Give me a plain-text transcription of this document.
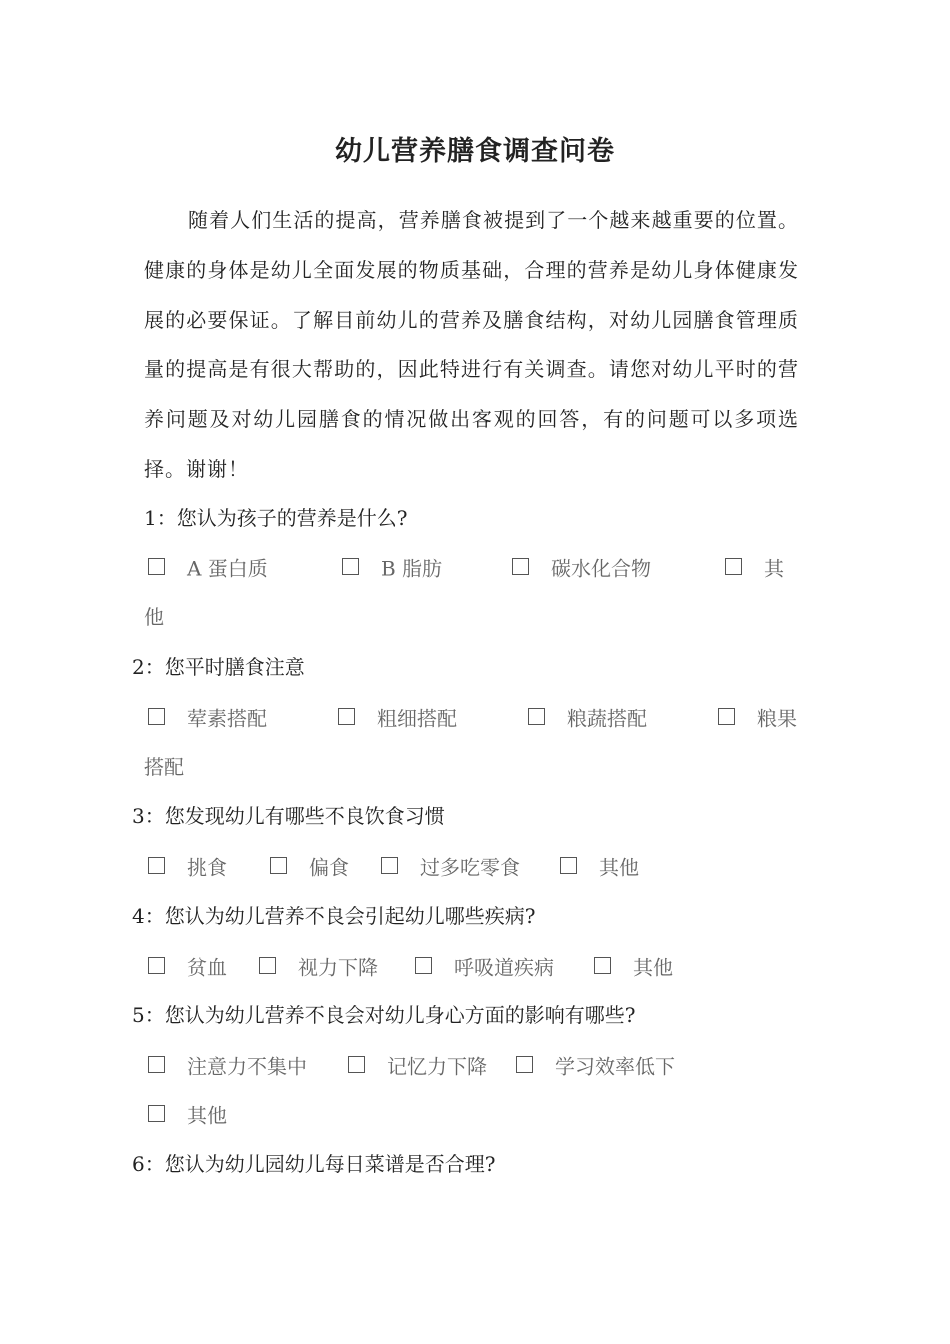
幼儿营养膳食调查问卷
随着人们生活的提高，营养膳食被提到了一个越来越重要的位置。健康的身体是幼儿全面发展的物质基础，合理的营养是幼儿身体健康发展的必要保证。了解目前幼儿的营养及膳食结构，对幼儿园膳食管理质量的提高是有很大帮助的，因此特进行有关调查。请您对幼儿平时的营养问题及对幼儿园膳食的情况做出客观的回答，有的问题可以多项选择。谢谢！
1：您认为孩子的营养是什么?
A 蛋白质	B 脂肪	碳水化合物	其
他
2：您平时膳食注意
荤素搭配	粗细搭配	粮蔬搭配	粮果
搭配
3：您发现幼儿有哪些不良饮食习惯
挑食	偏食	过多吃零食	其他
4：您认为幼儿营养不良会引起幼儿哪些疾病?
贫血	视力下降	呼吸道疾病	其他
5：您认为幼儿营养不良会对幼儿身心方面的影响有哪些?
注意力不集中	记忆力下降	学习效率低下
其他
6：您认为幼儿园幼儿每日菜谱是否合理?
